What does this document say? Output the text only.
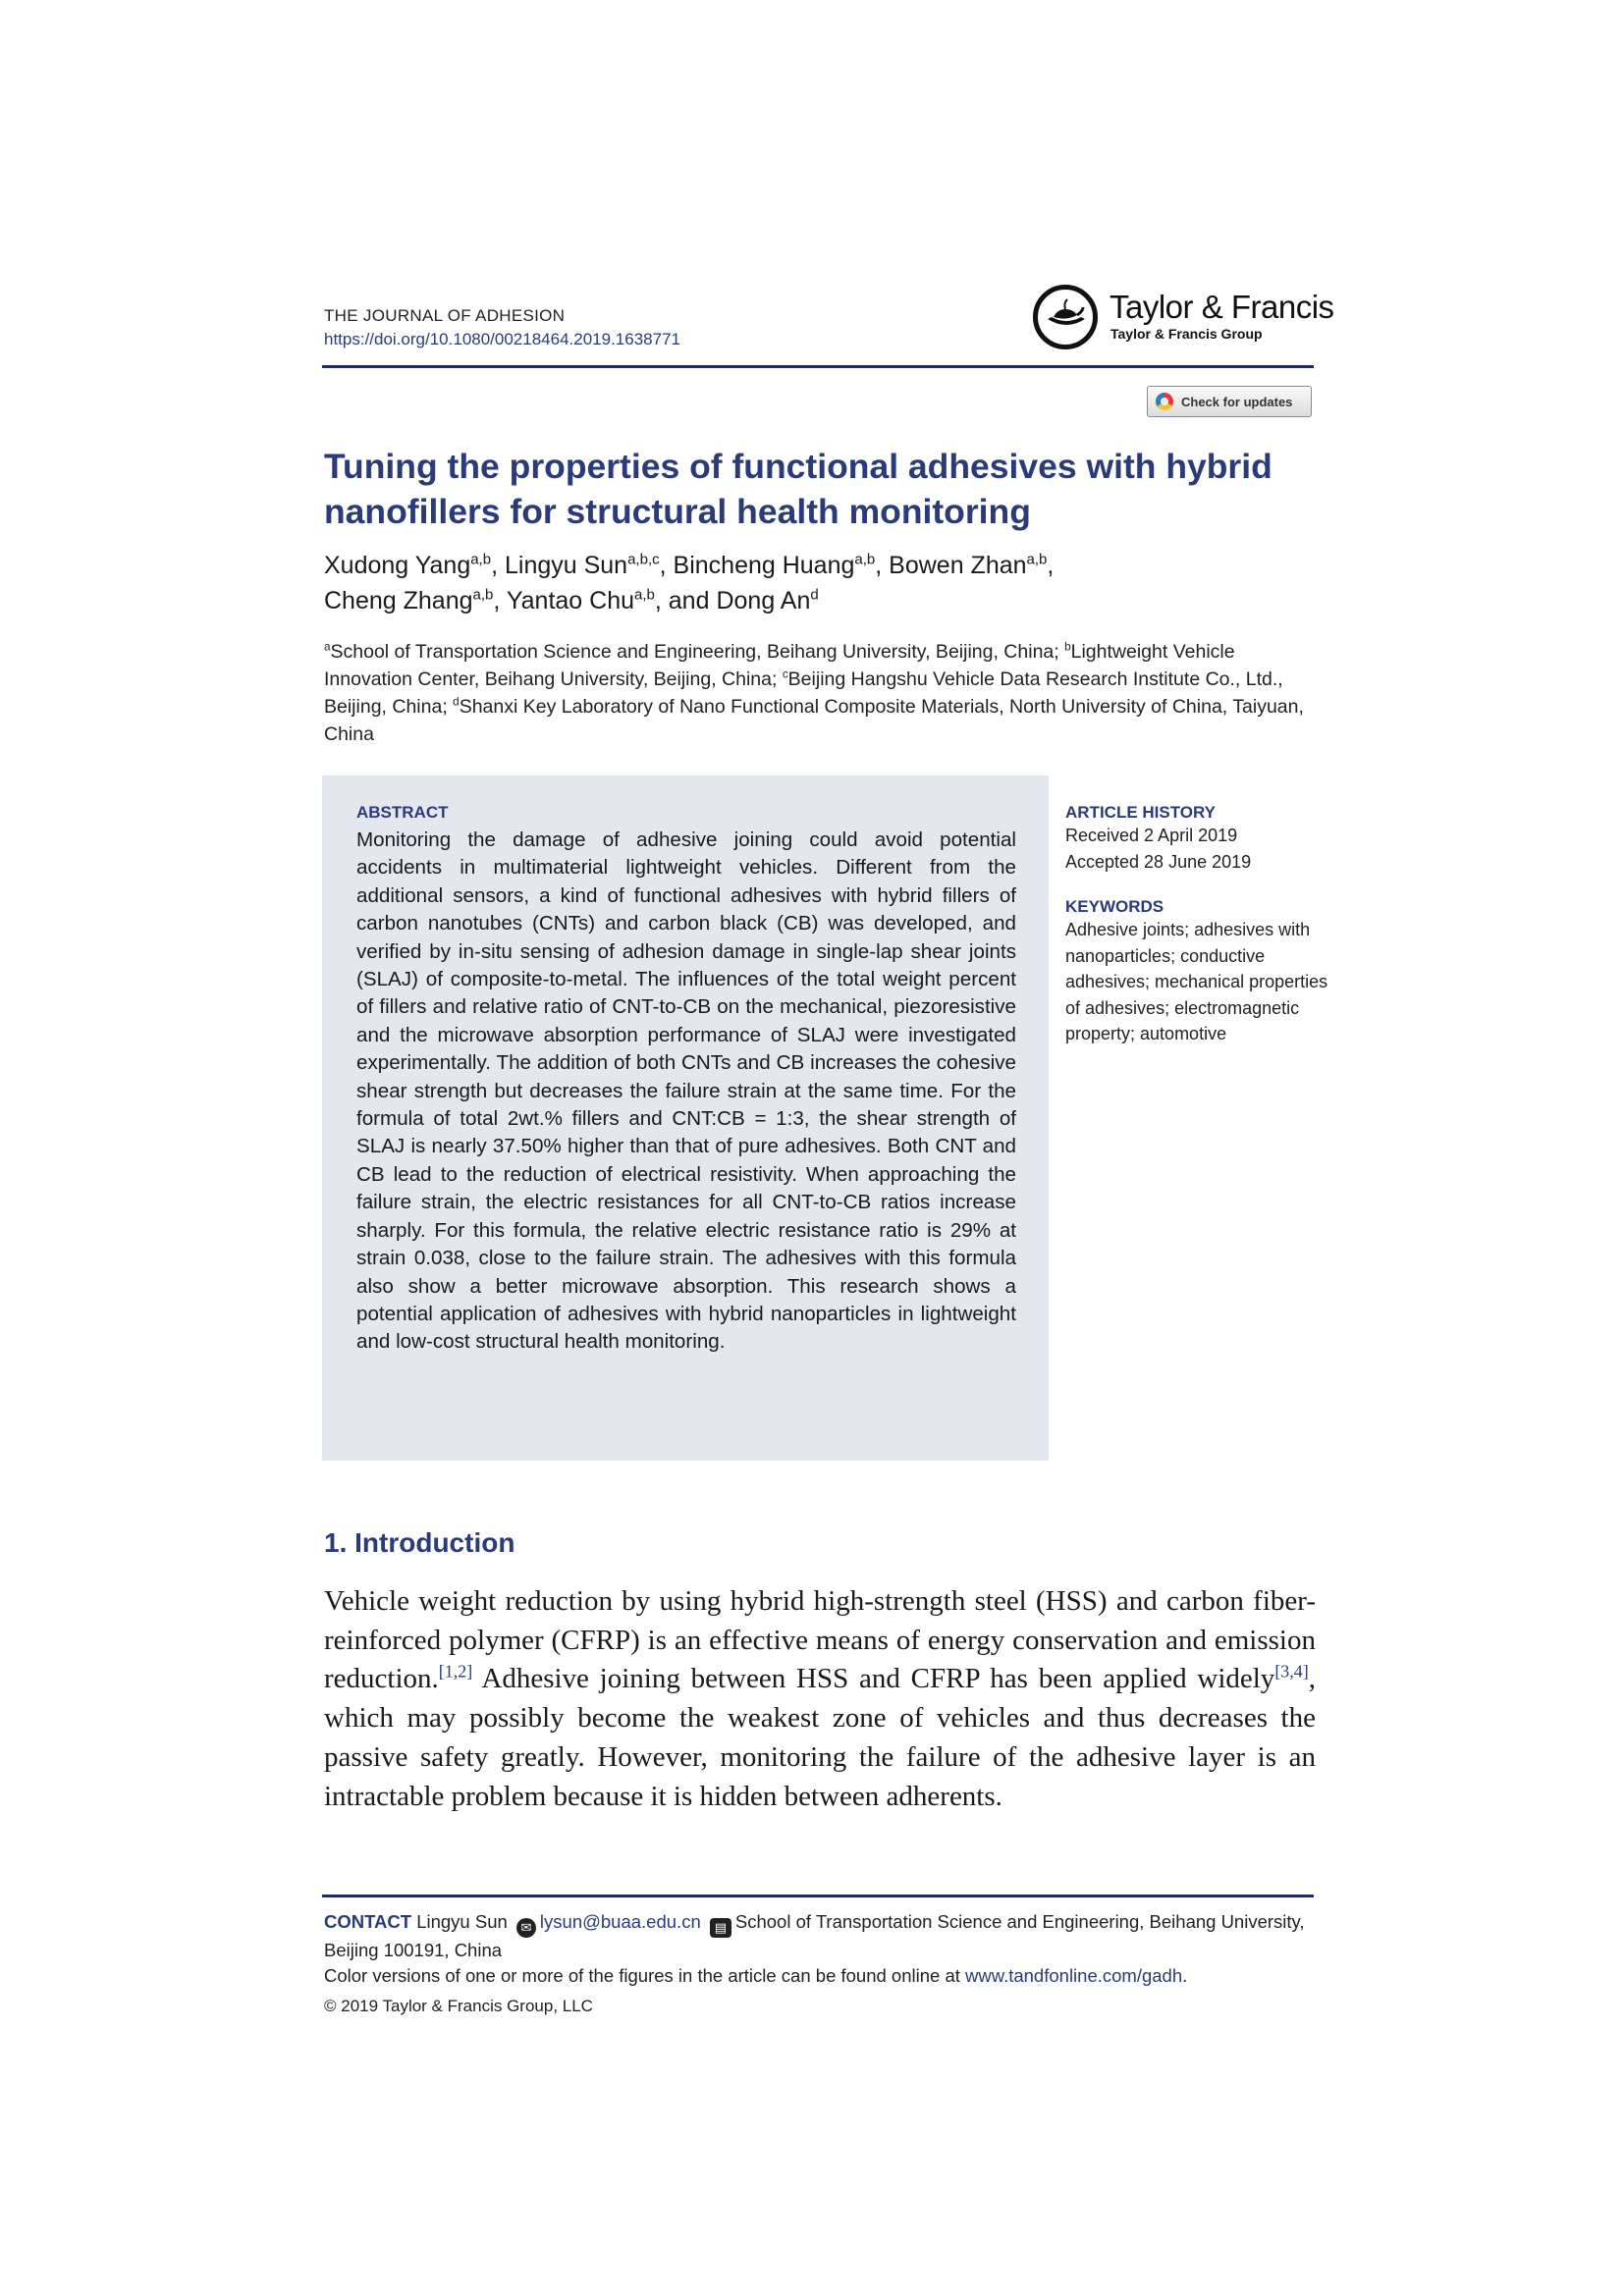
THE JOURNAL OF ADHESION
https://doi.org/10.1080/00218464.2019.1638771
Taylor & Francis
Taylor & Francis Group
Check for updates
Tuning the properties of functional adhesives with hybrid nanofillers for structural health monitoring
Xudong Yang$^{a,b}$, Lingyu Sun$^{a,b,c}$, Bincheng Huang$^{a,b}$, Bowen Zhan$^{a,b}$,
Cheng Zhang$^{a,b}$, Yantao Chu$^{a,b}$, and Dong An$^d$
$^a$School of Transportation Science and Engineering, Beihang University, Beijing, China; $^b$Lightweight Vehicle Innovation Center, Beihang University, Beijing, China; $^c$Beijing Hangshu Vehicle Data Research Institute Co., Ltd., Beijing, China; $^d$Shanxi Key Laboratory of Nano Functional Composite Materials, North University of China, Taiyuan, China
ABSTRACT

Monitoring the damage of adhesive joining could avoid potential accidents in multimaterial lightweight vehicles. Different from the additional sensors, a kind of functional adhesives with hybrid fillers of carbon nanotubes (CNTs) and carbon black (CB) was developed, and verified by in-situ sensing of adhesion damage in single-lap shear joints (SLAJ) of composite-to-metal. The influences of the total weight percent of fillers and relative ratio of CNT-to-CB on the mechanical, piezoresistive and the microwave absorption performance of SLAJ were investigated experimentally. The addition of both CNTs and CB increases the cohesive shear strength but decreases the failure strain at the same time. For the formula of total 2wt.% fillers and CNT:CB = 1:3, the shear strength of SLAJ is nearly 37.50% higher than that of pure adhesives. Both CNT and CB lead to the reduction of electrical resistivity. When approaching the failure strain, the electric resistances for all CNT-to-CB ratios increase sharply. For this formula, the relative electric resistance ratio is 29% at strain 0.038, close to the failure strain. The adhesives with this formula also show a better microwave absorption. This research shows a potential application of adhesives with hybrid nanoparticles in lightweight and low-cost structural health monitoring.

ARTICLE HISTORY
Received 2 April 2019
Accepted 28 June 2019
KEYWORDS
Adhesive joints; adhesives with nanoparticles; conductive adhesives; mechanical properties of adhesives; electromagnetic property; automotive
1. Introduction

Vehicle weight reduction by using hybrid high-strength steel (HSS) and carbon fiber-reinforced polymer (CFRP) is an effective means of energy conservation and emission reduction.[1,2] Adhesive joining between HSS and CFRP has been applied widely[3,4], which may possibly become the weakest zone of vehicles and thus decreases the passive safety greatly. However, monitoring the failure of the adhesive layer is an intractable problem because it is hidden between adherents.

CONTACT Lingyu Sun ✉ lysun@buaa.edu.cn ▤ School of Transportation Science and Engineering, Beihang University, Beijing 100191, China
Color versions of one or more of the figures in the article can be found online at www.tandfonline.com/gadh.
© 2019 Taylor & Francis Group, LLC
